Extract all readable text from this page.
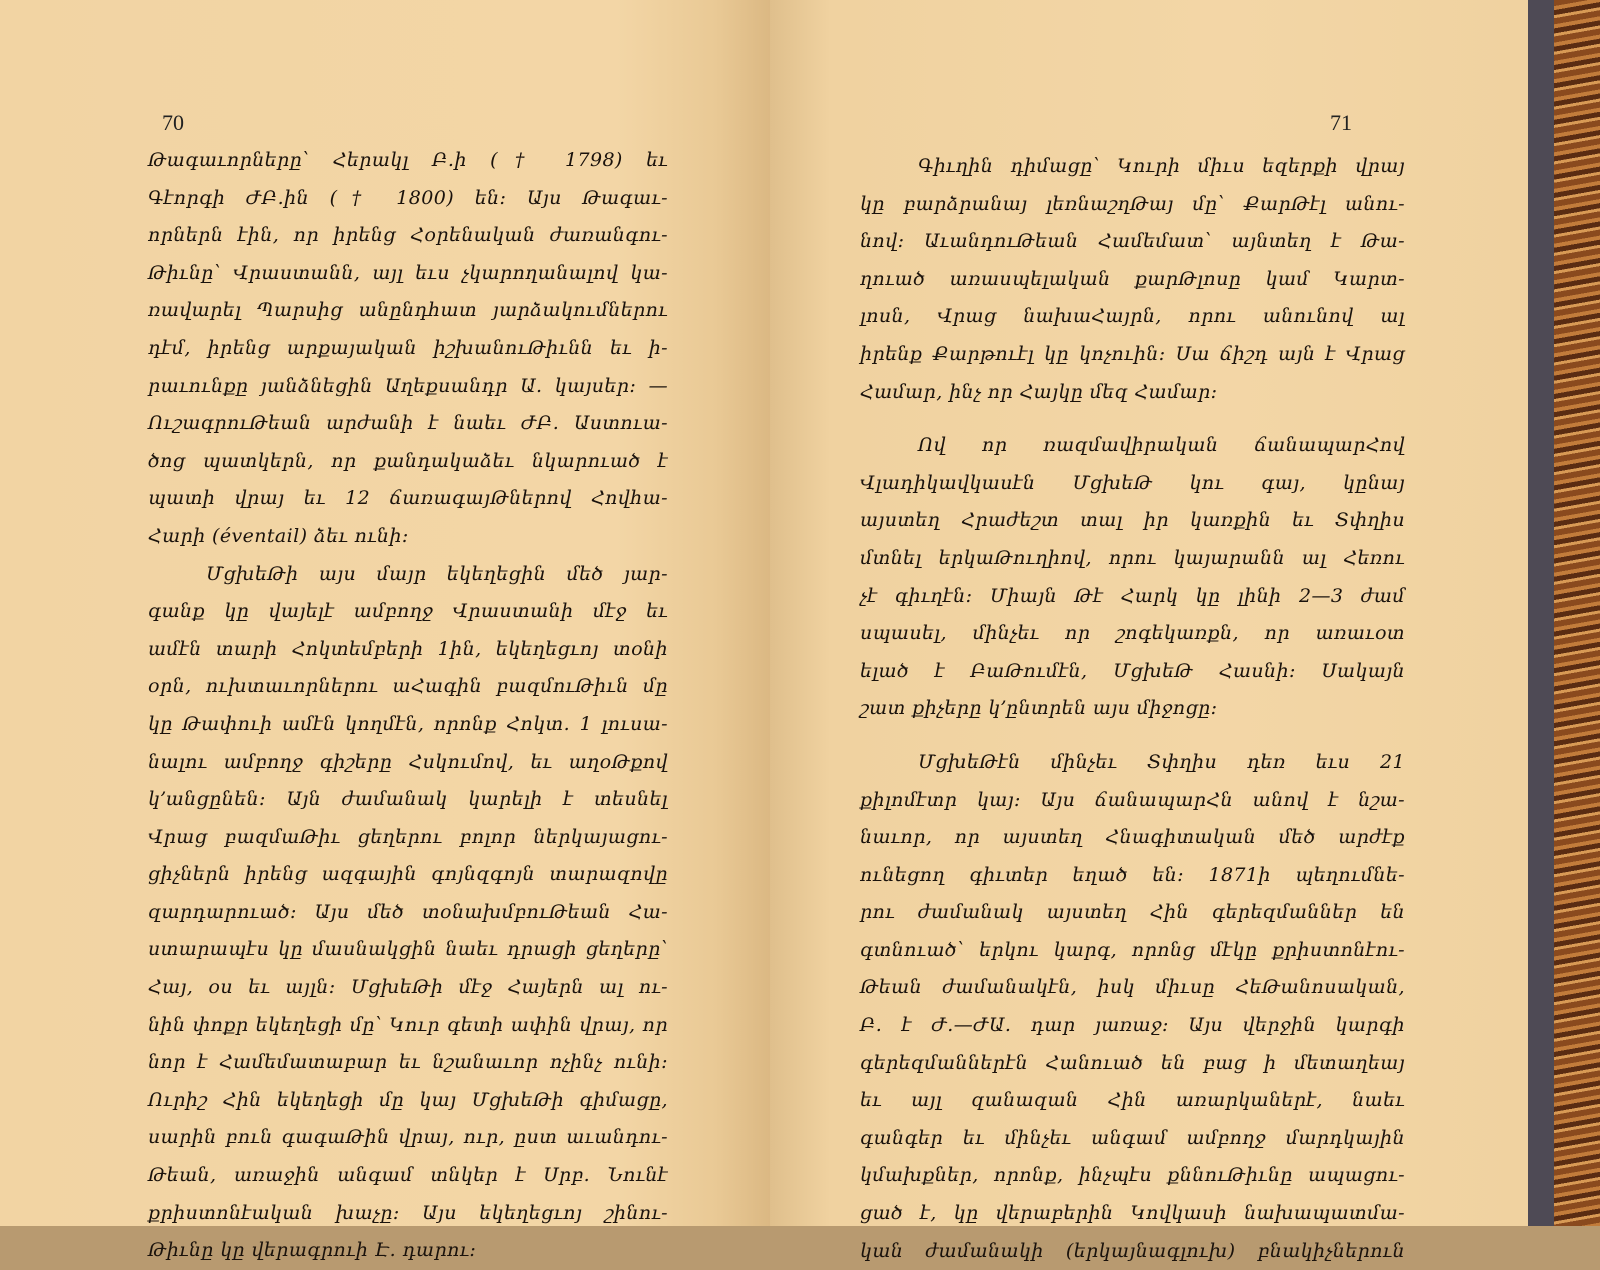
70
Թագաւորները՝ Հերակլ Բ.ի († 1798) եւ
Գէորգի ԺԲ.ին († 1800) են։ Այս Թագաւ-
որներն էին, որ իրենց Հօրենական ժառանգու-
Թիւնը՝ Վրաստանն, այլ եւս չկարողանալով կա-
ռավարել Պարսից անընդհատ յարձակումներու
դէմ, իրենց արքայական իշխանուԹիւնն եւ ի-
րաւունքը յանձնեցին Աղեքսանդր Ա. կայսեր։ —
ՈւշագրուԹեան արժանի է նաեւ ԺԲ. Աստուա-
ծոց պատկերն, որ քանդակաձեւ նկարուած է
պատի վրայ եւ 12 ճառագայԹներով Հովհա-
Հարի (éventail) ձեւ ունի։
ՄցխեԹի այս մայր եկեղեցին մեծ յար-
գանք կը վայելէ ամբողջ Վրաստանի մէջ եւ
ամէն տարի Հոկտեմբերի 1ին, եկեղեցւոյ տօնի
օրն, ուխտաւորներու աՀագին բազմուԹիւն մը
կը Թափուի ամէն կողմէն, որոնք Հոկտ. 1 լուսա-
նալու ամբողջ գիշերը Հսկումով, եւ աղօԹքով
կ՚անցընեն։ Այն ժամանակ կարելի է տեսնել
Վրաց բազմաԹիւ ցեղերու բոլոր ներկայացու-
ցիչներն իրենց ազգային գոյնզգոյն տարազովը
զարդարուած։ Այս մեծ տօնախմբուԹեան Հա-
ստարապէս կը մասնակցին նաեւ դրացի ցեղերը՝
Հայ, օս եւ այլն։ ՄցխեԹի մէջ Հայերն ալ ու-
նին փոքր եկեղեցի մը՝ Կուր գետի ափին վրայ, որ
նոր է Համեմատաբար եւ նշանաւոր ոչինչ ունի։
Ուրիշ Հին եկեղեցի մը կայ ՄցխեԹի գիմացը,
սարին բուն գագաԹին վրայ, ուր, ըստ աւանդու-
Թեան, առաջին անգամ տնկեր է Սրբ. Նունէ
քրիստոնէական խաչը։ Այս եկեղեցւոյ շինու-
Թիւնը կը վերագրուի Է. դարու։
71
Գիւղին դիմացը՝ Կուրի միւս եզերքի վրայ
կը բարձրանայ լեռնաշղԹայ մը՝ ՔարԹէլ անու-
նով։ ԱւանդուԹեան Համեմատ՝ այնտեղ է Թա-
ղուած առասպելական քարԹլոսը կամ Կարտ-
լոսն, Վրաց նախաՀայրն, որու անունով ալ
իրենք Քարթուէլ կը կոչուին։ Սա ճիշդ այն է Վրաց
Համար, ինչ որ Հայկը մեզ Համար։
Ով որ ռազմավիրական ճանապարՀով
Վլադիկավկասէն ՄցխեԹ կու գայ, կընայ
այստեղ Հրաժեշտ տալ իր կառքին եւ Տփղիս
մտնել երկաԹուղիով, որու կայարանն ալ Հեռու
չէ գիւղէն։ Միայն Թէ Հարկ կը լինի 2—3 ժամ
սպասել, մինչեւ որ շոգեկառքն, որ առաւօտ
ելած է ԲաԹումէն, ՄցխեԹ Հասնի։ Սակայն
շատ քիչերը կ՚ընտրեն այս միջոցը։
ՄցխեԹէն մինչեւ Տփղիս դեռ եւս 21
քիլոմէտր կայ։ Այս ճանապարՀն անով է նշա-
նաւոր, որ այստեղ Հնագիտական մեծ արժէք
ունեցող գիւտեր եղած են։ 1871ի պեղումնե-
րու ժամանակ այստեղ Հին գերեզմաններ են
գտնուած՝ երկու կարգ, որոնց մէկը քրիստոնէու-
Թեան ժամանակէն, իսկ միւսը ՀեԹանոսական,
Բ. է Ժ.—ԺԱ. դար յառաջ։ Այս վերջին կարգի
գերեզմաններէն Հանուած են բաց ի մետաղեայ
եւ այլ զանազան Հին առարկաներէ, նաեւ
գանգեր եւ մինչեւ անգամ ամբողջ մարդկային
կմախքներ, որոնք, ինչպէս քննուԹիւնը ապացու-
ցած է, կը վերաբերին Կովկասի նախապատմա-
կան ժամանակի (երկայնագլուխ) բնակիչներուն
